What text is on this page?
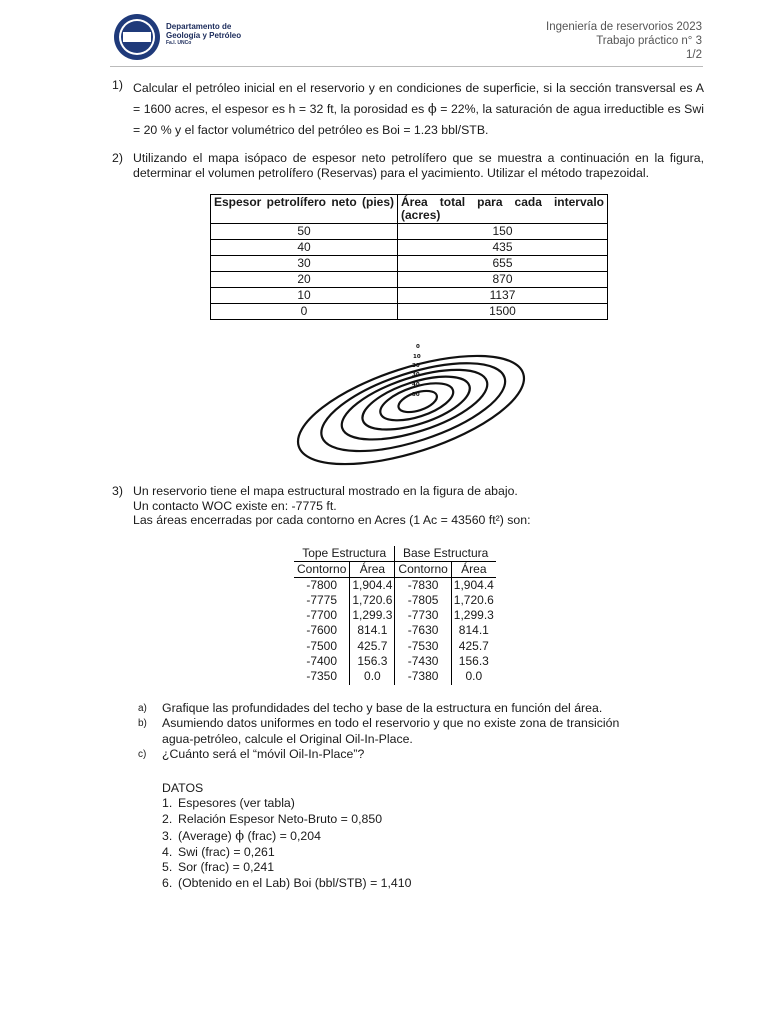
Departamento de
Geología y Petróleo
Fa.I. UNCo
Ingeniería de reservorios 2023
Trabajo práctico n° 3
1/2
1) Calcular el petróleo inicial en el reservorio y en condiciones de superficie, si la sección transversal es A = 1600 acres, el espesor es h = 32 ft, la porosidad es ϕ = 22%, la saturación de agua irreductible es Swi = 20 % y el factor volumétrico del petróleo es Boi = 1.23 bbl/STB.
2) Utilizando el mapa isópaco de espesor neto petrolífero que se muestra a continuación en la figura, determinar el volumen petrolífero (Reservas) para el yacimiento. Utilizar el método trapezoidal.
Espesor petrolífero neto (pies)	Área total para cada intervalo (acres)
50	150
40	435
30	655
20	870
10	1137
0	1500
0
10
20
30
40
50
3) Un reservorio tiene el mapa estructural mostrado en la figura de abajo.
Un contacto WOC existe en: -7775 ft.
Las áreas encerradas por cada contorno en Acres (1 Ac = 43560 ft²) son:
Tope Estructura		Base Estructura	
Contorno	Área	Contorno	Área
-7800	1,904.4	-7830	1,904.4
-7775	1,720.6	-7805	1,720.6
-7700	1,299.3	-7730	1,299.3
-7600	814.1	-7630	814.1
-7500	425.7	-7530	425.7
-7400	156.3	-7430	156.3
-7350	0.0	-7380	0.0
a)	Grafique las profundidades del techo y base de la estructura en función del área.
b)	Asumiendo datos uniformes en todo el reservorio y que no existe zona de transición
agua-petróleo, calcule el Original Oil-In-Place.
c)	¿Cuánto será el “móvil Oil-In-Place”?
DATOS
1. Espesores (ver tabla)
2. Relación Espesor Neto-Bruto = 0,850
3. (Average) ϕ (frac) = 0,204
4. Swi (frac) = 0,261
5. Sor (frac) = 0,241
6. (Obtenido en el Lab) Boi (bbl/STB) = 1,410
